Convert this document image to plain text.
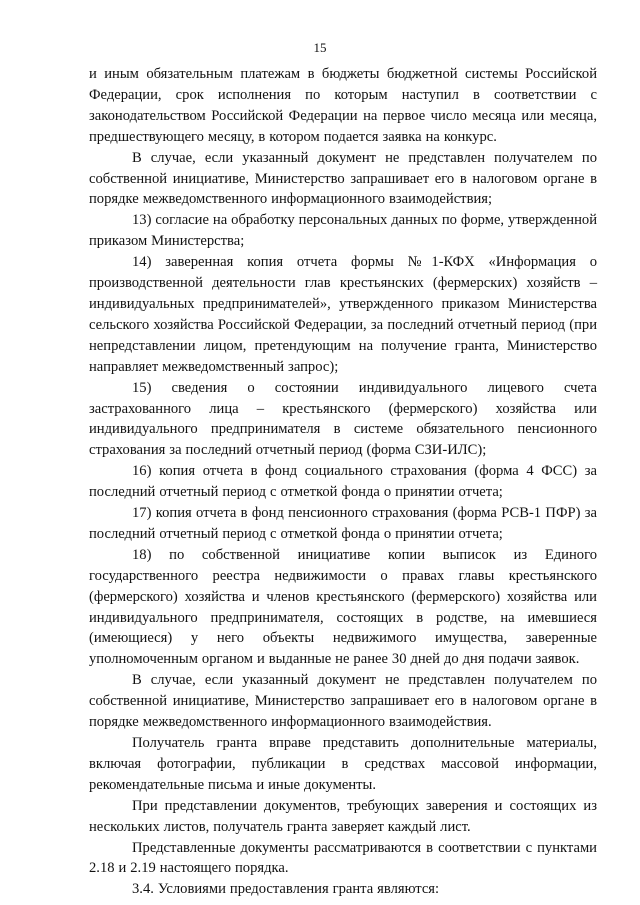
15

и иным обязательным платежам в бюджеты бюджетной системы Российской Федерации, срок исполнения по которым наступил в соответствии с законодательством Российской Федерации на первое число месяца или месяца, предшествующего месяцу, в котором подается заявка на конкурс.

В случае, если указанный документ не представлен получателем по собственной инициативе, Министерство запрашивает его в налоговом органе в порядке межведомственного информационного взаимодействия;

13) согласие на обработку персональных данных по форме, утвержденной приказом Министерства;

14) заверенная копия отчета формы №1-КФХ «Информация о производственной деятельности глав крестьянских (фермерских) хозяйств – индивидуальных предпринимателей», утвержденного приказом Министерства сельского хозяйства Российской Федерации, за последний отчетный период (при непредставлении лицом, претендующим на получение гранта, Министерство направляет межведомственный запрос);

15) сведения о состоянии индивидуального лицевого счета застрахованного лица – крестьянского (фермерского) хозяйства или индивидуального предпринимателя в системе обязательного пенсионного страхования за последний отчетный период (форма СЗИ-ИЛС);

16) копия отчета в фонд социального страхования (форма 4 ФСС) за последний отчетный период с отметкой фонда о принятии отчета;

17) копия отчета в фонд пенсионного страхования (форма РСВ-1 ПФР) за последний отчетный период с отметкой фонда о принятии отчета;

18) по собственной инициативе копии выписок из Единого государственного реестра недвижимости о правах главы крестьянского (фермерского) хозяйства и членов крестьянского (фермерского) хозяйства или индивидуального предпринимателя, состоящих в родстве, на имевшиеся (имеющиеся) у него объекты недвижимого имущества, заверенные уполномоченным органом и выданные не ранее 30 дней до дня подачи заявок.

В случае, если указанный документ не представлен получателем по собственной инициативе, Министерство запрашивает его в налоговом органе в порядке межведомственного информационного взаимодействия.

Получатель гранта вправе представить дополнительные материалы, включая фотографии, публикации в средствах массовой информации, рекомендательные письма и иные документы.

При представлении документов, требующих заверения и состоящих из нескольких листов, получатель гранта заверяет каждый лист.

Представленные документы рассматриваются в соответствии с пунктами 2.18 и 2.19 настоящего порядка.

3.4. Условиями предоставления гранта являются:
